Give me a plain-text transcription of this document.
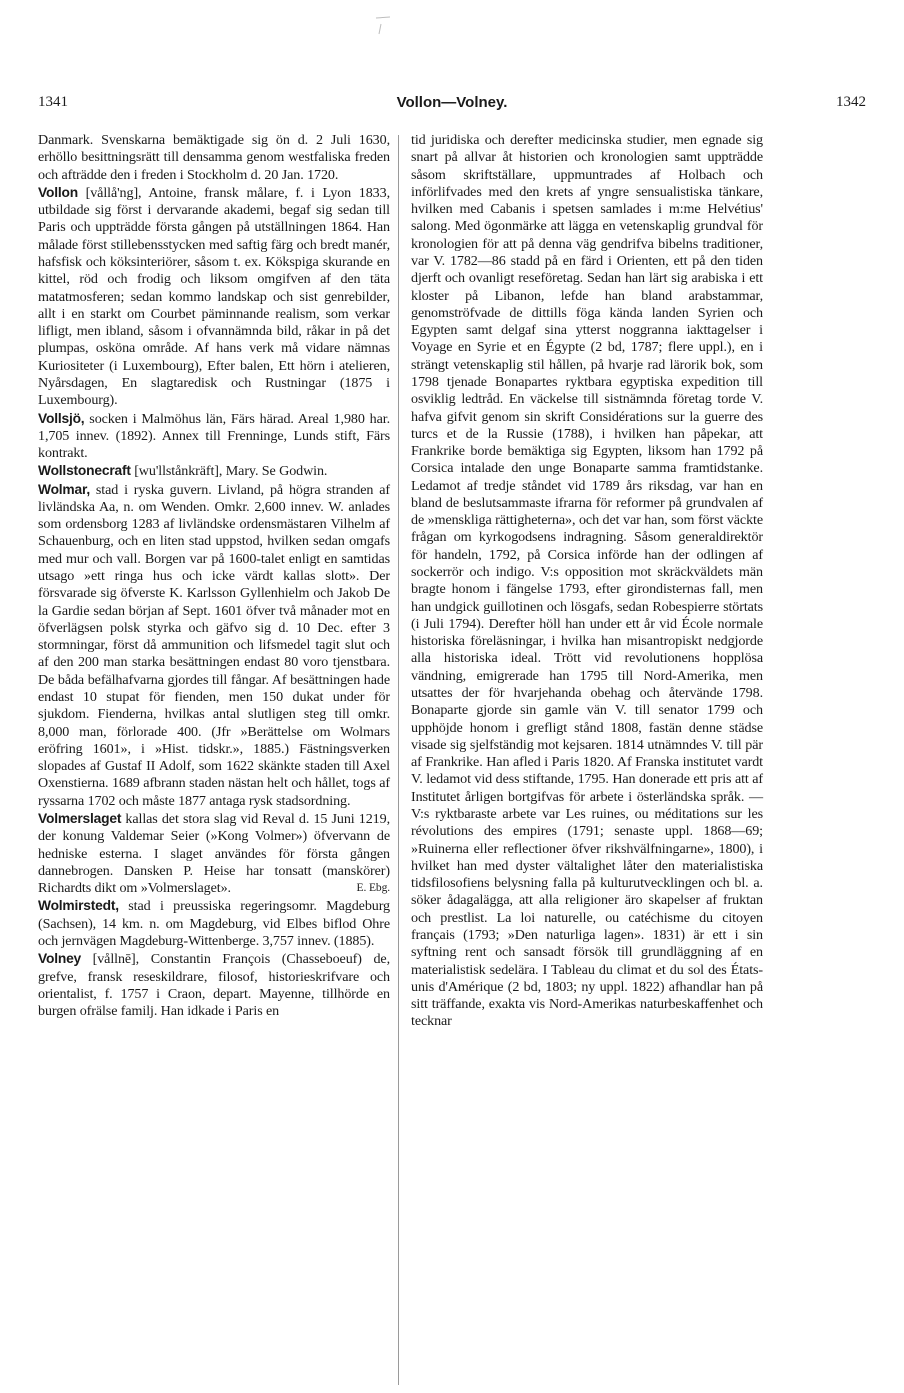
1341	Vollon—Volney.	1342

Danmark. Svenskarna bemäktigade sig ön d. 2 Juli 1630, erhöllo besittningsrätt till densamma genom westfaliska freden och afträdde den i freden i Stockholm d. 20 Jan. 1720.

Vollon [vållå'ng], Antoine, fransk målare, f. i Lyon 1833, utbildade sig först i dervarande akademi, begaf sig sedan till Paris och uppträdde första gången på utställningen 1864. Han målade först stillebensstycken med saftig färg och bredt manér, hafsfisk och köksinteriörer, såsom t. ex. Kökspiga skurande en kittel, röd och frodig och liksom omgifven af den täta matatmosferen; sedan kommo landskap och sist genrebilder, allt i en starkt om Courbet päminnande realism, som verkar lifligt, men ibland, såsom i ofvannämnda bild, råkar in på det plumpas, osköna område. Af hans verk må vidare nämnas Kuriositeter (i Luxembourg), Efter balen, Ett hörn i atelieren, Nyårsdagen, En slagtaredisk och Rustningar (1875 i Luxembourg).

Vollsjö, socken i Malmöhus län, Färs härad. Areal 1,980 har. 1,705 innev. (1892). Annex till Frenninge, Lunds stift, Färs kontrakt.

Wollstonecraft [wu'llstånkräft], Mary. Se Godwin.

Wolmar, stad i ryska guvern. Livland, på högra stranden af livländska Aa, n. om Wenden. Omkr. 2,600 innev. W. anlades som ordensborg 1283 af livländske ordensmästaren Vilhelm af Schauenburg, och en liten stad uppstod, hvilken sedan omgafs med mur och vall. Borgen var på 1600-talet enligt en samtidas utsago »ett ringa hus och icke värdt kallas slott». Der försvarade sig öfverste K. Karlsson Gyllenhielm och Jakob De la Gardie sedan början af Sept. 1601 öfver två månader mot en öfverlägsen polsk styrka och gäfvo sig d. 10 Dec. efter 3 stormningar, först då ammunition och lifsmedel tagit slut och af den 200 man starka besättningen endast 80 voro tjenstbara. De båda befälhafvarna gjordes till fångar. Af besättningen hade endast 10 stupat för fienden, men 150 dukat under för sjukdom. Fienderna, hvilkas antal slutligen steg till omkr. 8,000 man, förlorade 400. (Jfr »Berättelse om Wolmars eröfring 1601», i »Hist. tidskr.», 1885.) Fästningsverken slopades af Gustaf II Adolf, som 1622 skänkte staden till Axel Oxenstierna. 1689 afbrann staden nästan helt och hållet, togs af ryssarna 1702 och måste 1877 antaga rysk stadsordning.

Volmerslaget kallas det stora slag vid Reval d. 15 Juni 1219, der konung Valdemar Seier (»Kong Volmer») öfvervann de hedniske esterna. I slaget användes för första gången dannebrogen. Dansken P. Heise har tonsatt (manskörer) Richardts dikt om »Volmerslaget».	E. Ebg.

Wolmirstedt, stad i preussiska regeringsomr. Magdeburg (Sachsen), 14 km. n. om Magdeburg, vid Elbes biflod Ohre och jernvägen Magdeburg-Wittenberge. 3,757 innev. (1885).

Volney [vållnē], Constantin François (Chasseboeuf) de, grefve, fransk reseskildrare, filosof, historieskrifvare och orientalist, f. 1757 i Craon, depart. Mayenne, tillhörde en burgen ofrälse familj. Han idkade i Paris en

tid juridiska och derefter medicinska studier, men egnade sig snart på allvar åt historien och kronologien samt uppträdde såsom skriftställare, uppmuntrades af Holbach och införlifvades med den krets af yngre sensualistiska tänkare, hvilken med Cabanis i spetsen samlades i m:me Helvétius' salong. Med ögonmärke att lägga en vetenskaplig grundval för kronologien för att på denna väg gendrifva bibelns traditioner, var V. 1782—86 stadd på en färd i Orienten, ett på den tiden djerft och ovanligt reseföretag. Sedan han lärt sig arabiska i ett kloster på Libanon, lefde han bland arabstammar, genomströfvade de dittills föga kända landen Syrien och Egypten samt delgaf sina ytterst noggranna iakttagelser i Voyage en Syrie et en Égypte (2 bd, 1787; flere uppl.), en i strängt vetenskaplig stil hållen, på hvarje rad lärorik bok, som 1798 tjenade Bonapartes ryktbara egyptiska expedition till osviklig ledtråd. En väckelse till sistnämnda företag torde V. hafva gifvit genom sin skrift Considérations sur la guerre des turcs et de la Russie (1788), i hvilken han påpekar, att Frankrike borde bemäktiga sig Egypten, liksom han 1792 på Corsica intalade den unge Bonaparte samma framtidstanke. Ledamot af tredje ståndet vid 1789 års riksdag, var han en bland de beslutsammaste ifrarna för reformer på grundvalen af de »menskliga rättigheterna», och det var han, som först väckte frågan om kyrkogodsens indragning. Såsom generaldirektör för handeln, 1792, på Corsica införde han der odlingen af sockerrör och indigo. V:s opposition mot skräckväldets män bragte honom i fängelse 1793, efter girondisternas fall, men han undgick guillotinen och lösgafs, sedan Robespierre störtats (i Juli 1794). Derefter höll han under ett år vid École normale historiska föreläsningar, i hvilka han misantropiskt nedgjorde alla historiska ideal. Trött vid revolutionens hopplösa vändning, emigrerade han 1795 till Nord-Amerika, men utsattes der för hvarjehanda obehag och återvände 1798. Bonaparte gjorde sin gamle vän V. till senator 1799 och upphöjde honom i grefligt stånd 1808, fastän denne städse visade sig sjelfständig mot kejsaren. 1814 utnämndes V. till pär af Frankrike. Han afled i Paris 1820. Af Franska institutet vardt V. ledamot vid dess stiftande, 1795. Han donerade ett pris att af Institutet årligen bortgifvas för arbete i österländska språk. — V:s ryktbaraste arbete var Les ruines, ou méditations sur les révolutions des empires (1791; senaste uppl. 1868—69; »Ruinerna eller reflectioner öfver rikshvälfningarne», 1800), i hvilket han med dyster vältalighet låter den materialistiska tidsfilosofiens belysning falla på kulturutvecklingen och bl. a. söker ådagalägga, att alla religioner äro skapelser af fruktan och prestlist. La loi naturelle, ou catéchisme du citoyen français (1793; »Den naturliga lagen». 1831) är ett i sin syftning rent och sansadt försök till grundläggning af en materialistisk sedelära. I Tableau du climat et du sol des États-unis d'Amérique (2 bd, 1803; ny uppl. 1822) afhandlar han på sitt träffande, exakta vis Nord-Amerikas naturbeskaffenhet och tecknar
